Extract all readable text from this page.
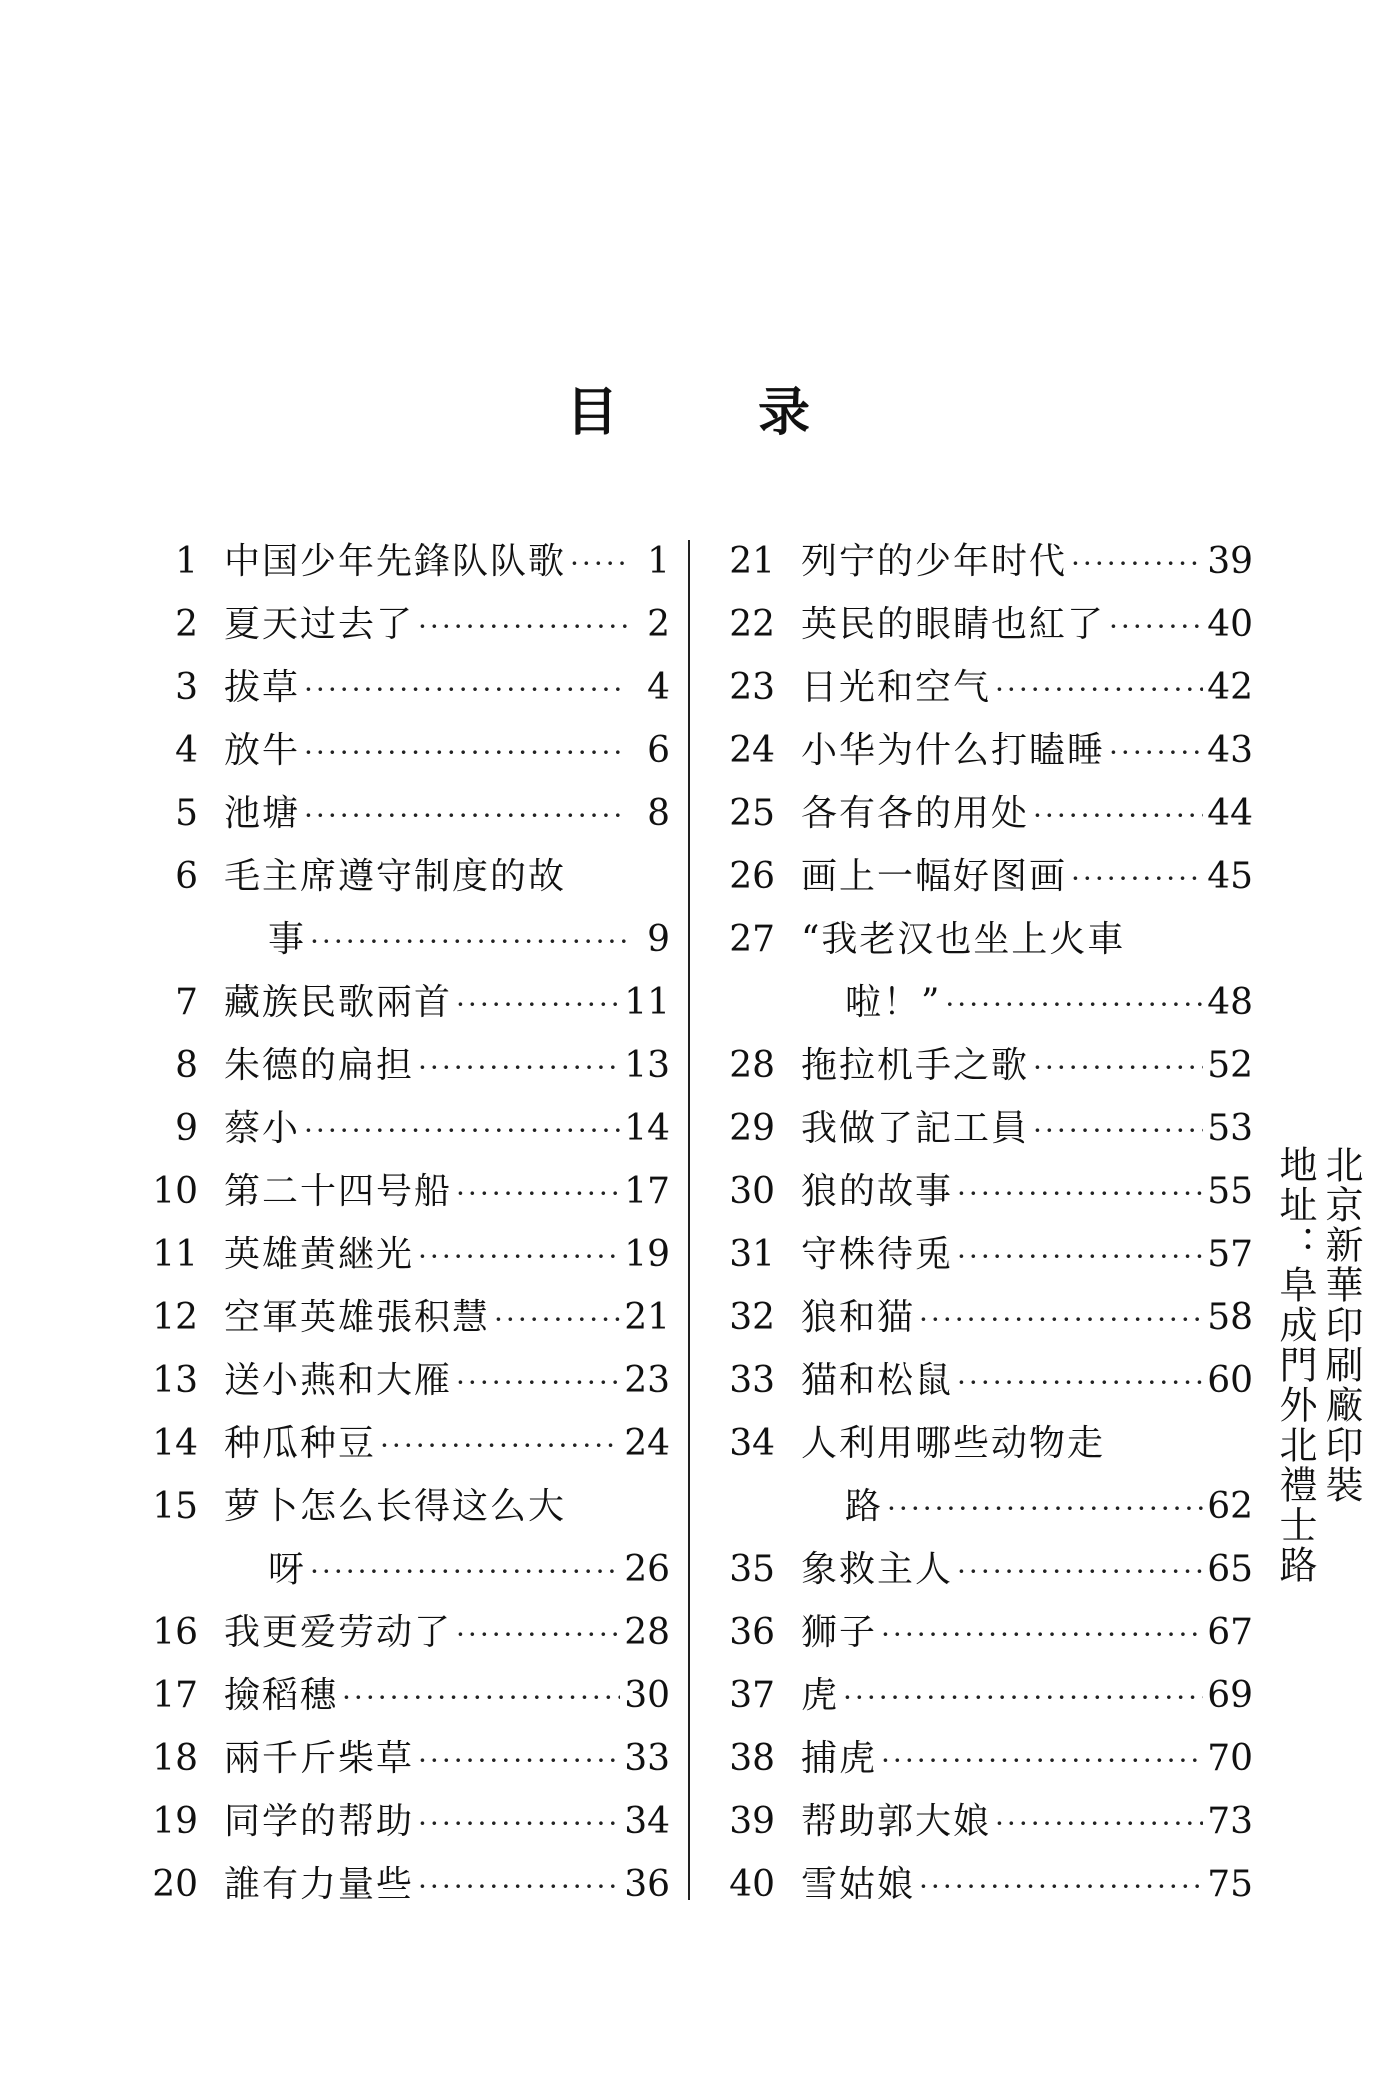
目	录
1 中国少年先鋒队队歌 ·····	1
2 夏天过去了 ·····	2
3 拔草 ·····	4
4 放牛 ·····	6
5 池塘 ·····	8
6 毛主席遵守制度的故
事 ·····	9
7 藏族民歌兩首 ·····	11
8 朱德的扁担 ·····	13
9 蔡小 ·····	14
10 第二十四号船 ·····	17
11 英雄黄継光 ·····	19
12 空軍英雄張积慧 ·····	21
13 送小燕和大雁 ·····	23
14 种瓜种豆 ·····	24
15 萝卜怎么长得这么大
呀 ·····	26
16 我更爱劳动了 ·····	28
17 撿稻穗 ·····	30
18 兩千斤柴草 ·····	33
19 同学的帮助 ·····	34
20 誰有力量些 ·····	36
21 列宁的少年时代 ·····	39
22 英民的眼睛也紅了 ·····	40
23 日光和空气 ·····	42
24 小华为什么打瞌睡 ·····	43
25 各有各的用处 ·····	44
26 画上一幅好图画 ·····	45
27 “我老汉也坐上火車
啦！” ·····	48
28 拖拉机手之歌 ·····	52
29 我做了記工員 ·····	53
30 狼的故事 ·····	55
31 守株待兎 ·····	57
32 狼和猫 ·····	58
33 猫和松鼠 ·····	60
34 人利用哪些动物走
路 ·····	62
35 象救主人 ·····	65
36 狮子 ·····	67
37 虎 ·····	69
38 捕虎 ·····	70
39 帮助郭大娘 ·····	73
40 雪姑娘 ·····	75
北京新華印刷廠印裝
地址：阜成門外北禮士路
